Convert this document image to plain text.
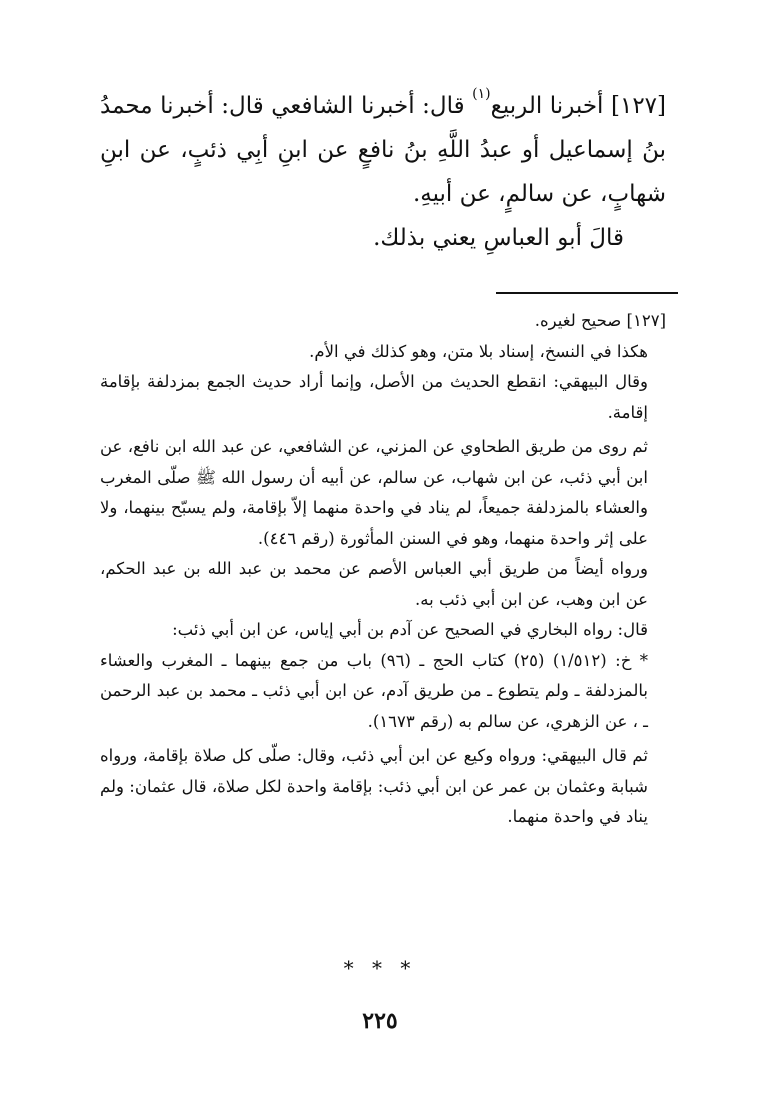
[١٢٧] أخبرنا الربيع$^{(١)}$ قال: أخبرنا الشافعي قال: أخبرنا محمدُ بنُ إسماعيل أو عبدُ اللَّهِ بنُ نافعٍ عن ابنِ أبِي ذئبٍ، عن ابنِ شهابٍ، عن سالمٍ، عن أبيهِ.

قالَ أبو العباسِ يعني بذلك.

[١٢٧] صحيح لغيره.

هكذا في النسخ، إسناد بلا متن، وهو كذلك في الأم.

وقال البيهقي: انقطع الحديث من الأصل، وإنما أراد حديث الجمع بمزدلفة بإقامة إقامة.

ثم روى من طريق الطحاوي عن المزني، عن الشافعي، عن عبد الله ابن نافع، عن ابن أبي ذئب، عن ابن شهاب، عن سالم، عن أبيه أن رسول الله ﷺ صلّى المغرب والعشاء بالمزدلفة جميعاً، لم يناد في واحدة منهما إلاّ بإقامة، ولم يسبّح بينهما، ولا على إثر واحدة منهما، وهو في السنن المأثورة (رقم ٤٤٦).

ورواه أيضاً من طريق أبي العباس الأصم عن محمد بن عبد الله بن عبد الحكم، عن ابن وهب، عن ابن أبي ذئب به.

قال: رواه البخاري في الصحيح عن آدم بن أبي إياس، عن ابن أبي ذئب:

* خ: (١/٥١٢) (٢٥) كتاب الحج ـ (٩٦) باب من جمع بينهما ـ المغرب والعشاء بالمزدلفة ـ ولم يتطوع ـ من طريق آدم، عن ابن أبي ذئب ـ محمد بن عبد الرحمن ـ ، عن الزهري، عن سالم به (رقم ١٦٧٣).

ثم قال البيهقي: ورواه وكيع عن ابن أبي ذئب، وقال: صلّى كل صلاة بإقامة، ورواه شبابة وعثمان بن عمر عن ابن أبي ذئب: بإقامة واحدة لكل صلاة، قال عثمان: ولم يناد في واحدة منهما.

* * *
٢٢٥
